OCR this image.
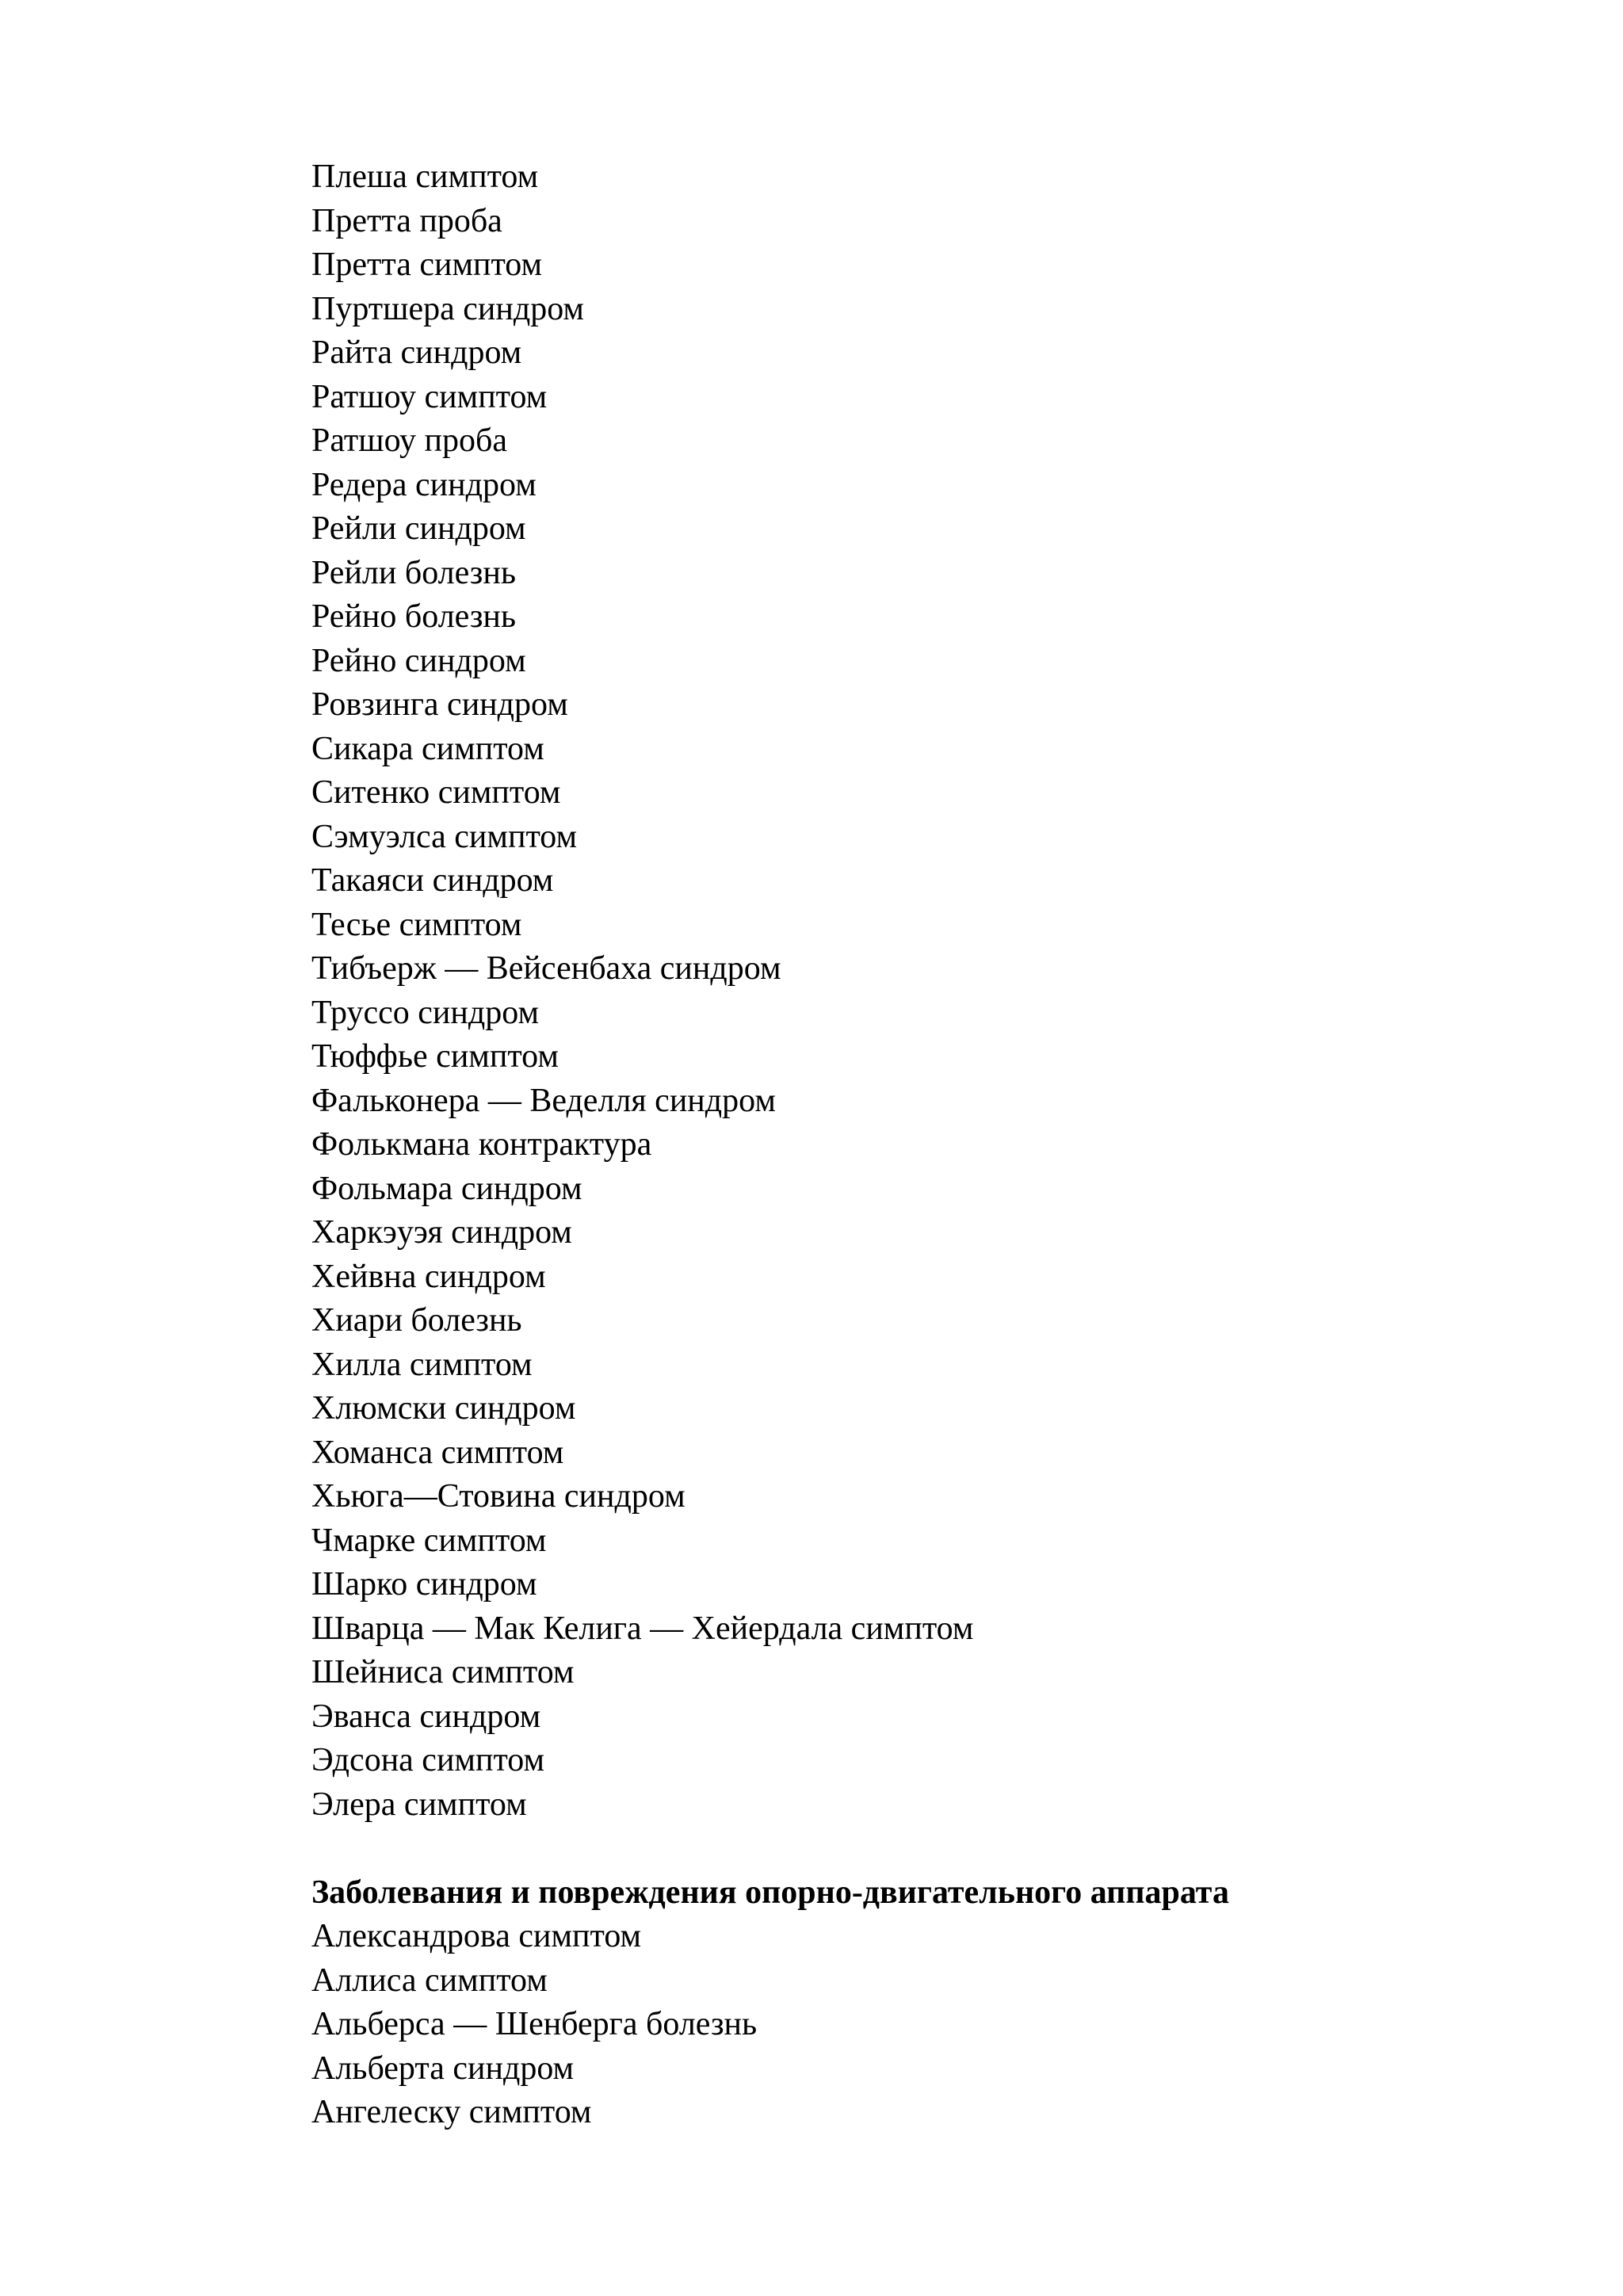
Плеша симптом

Претта проба

Претта симптом

Пуртшера синдром

Райта синдром

Ратшоу симптом

Ратшоу проба

Редера синдром

Рейли синдром

Рейли болезнь

Рейно болезнь

Рейно синдром

Ровзинга синдром

Сикара симптом

Ситенко симптом

Сэмуэлса симптом

Такаяси синдром

Тесье симптом

Тибъерж — Вейсенбаха синдром

Труссо синдром

Тюффье симптом

Фальконера — Веделля синдром

Фолькмана контрактура

Фольмара синдром

Харкэуэя синдром

Хейвна синдром

Хиари болезнь

Хилла симптом

Хлюмски синдром

Хоманса симптом

Хьюга—Стовина синдром

Чмарке симптом

Шарко синдром

Шварца — Мак Келига — Хейердала симптом

Шейниса симптом

Эванса синдром

Эдсона симптом

Элера симптом

Заболевания и повреждения опорно-двигательного аппарата

Александрова симптом

Аллиса симптом

Альберса — Шенберга болезнь

Альберта синдром

Ангелеску симптом
